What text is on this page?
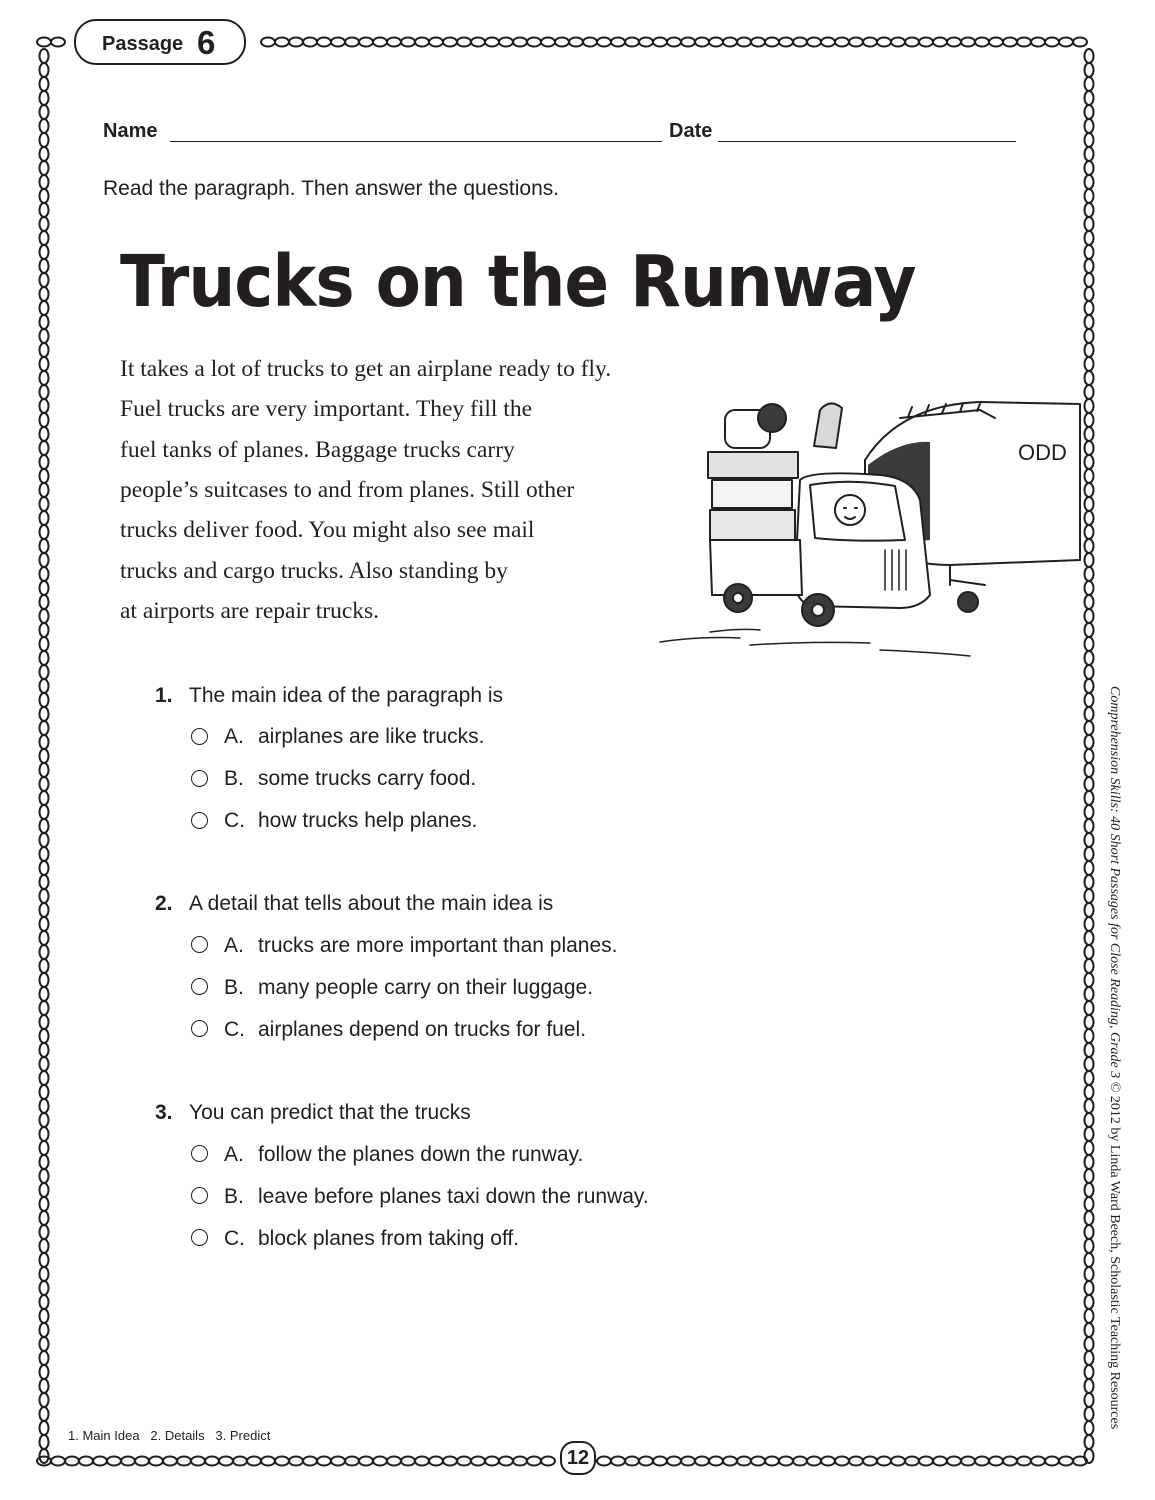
Passage 6
Name	Date
Read the paragraph. Then answer the questions.
Trucks on the Runway
It takes a lot of trucks to get an airplane ready to fly.
Fuel trucks are very important. They fill the
fuel tanks of planes. Baggage trucks carry
people’s suitcases to and from planes. Still other
trucks deliver food. You might also see mail
trucks and cargo trucks. Also standing by
at airports are repair trucks.
ODD
1. The main idea of the paragraph is
A. airplanes are like trucks.
B. some trucks carry food.
C. how trucks help planes.
2. A detail that tells about the main idea is
A. trucks are more important than planes.
B. many people carry on their luggage.
C. airplanes depend on trucks for fuel.
3. You can predict that the trucks
A. follow the planes down the runway.
B. leave before planes taxi down the runway.
C. block planes from taking off.
Comprehension Skills: 40 Short Passages for Close Reading, Grade 3 © 2012 by Linda Ward Beech, Scholastic Teaching Resources
1. Main Idea   2. Details   3. Predict
12
